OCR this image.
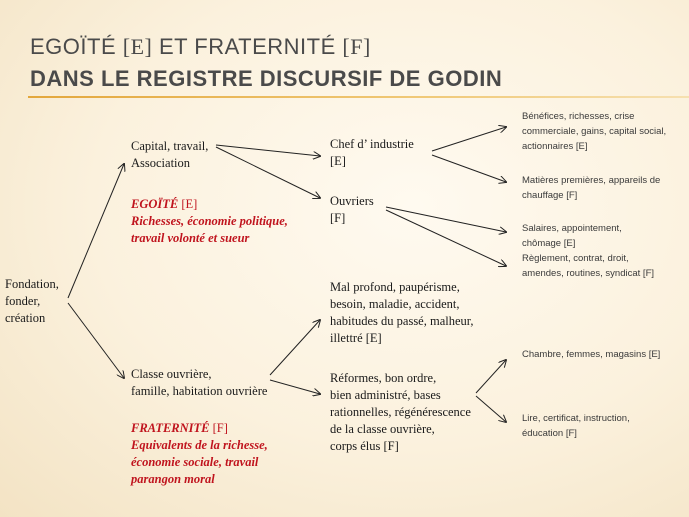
EGOÏTÉ [E] ET FRATERNITÉ [F]
DANS LE REGISTRE DISCURSIF DE GODIN
Fondation,
fonder,
création
Capital, travail,
Association
EGOÏTÉ [E]
Richesses, économie politique,
travail volonté et sueur
Classe ouvrière,
famille, habitation ouvrière
FRATERNITÉ [F]
Equivalents de la richesse,
économie sociale, travail
parangon moral
Chef d’ industrie
[E]
Ouvriers
[F]
Mal profond, paupérisme,
besoin, maladie, accident,
habitudes du passé, malheur,
illettré [E]
Réformes, bon ordre,
bien administré, bases
rationnelles, régénérescence
de la classe ouvrière,
corps élus [F]
Bénéfices, richesses, crise
commerciale, gains, capital social,
actionnaires [E]
Matières premières, appareils de
chauffage [F]
Salaires, appointement,
chômage [E]
Règlement, contrat, droit,
amendes, routines, syndicat [F]
Chambre, femmes, magasins [E]
Lire, certificat, instruction,
éducation [F]
